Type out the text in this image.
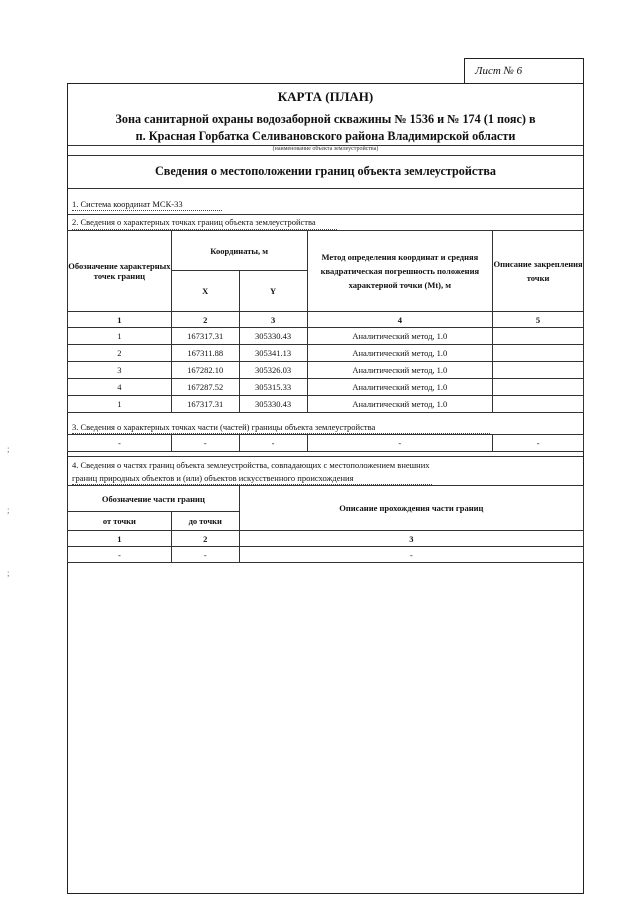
Лист № 6
КАРТА (ПЛАН)
Зона санитарной охраны водозаборной скважины № 1536 и № 174 (1 пояс) в
п. Красная Горбатка Селивановского района Владимирской области
(наименование объекта землеустройства)
Сведения о местоположении границ объекта землеустройства
1. Система координат МСК-33
2. Сведения о характерных точках границ объекта землеустройства
Обозначение характерных точек границ	Координаты, м		Метод определения координат и средняя квадратическая погрешность положения характерной точки (Mt), м	Описание закрепления точки
	X	Y		
1	2	3	4	5
1	167317.31	305330.43	Аналитический метод, 1.0	
2	167311.88	305341.13	Аналитический метод, 1.0	
3	167282.10	305326.03	Аналитический метод, 1.0	
4	167287.52	305315.33	Аналитический метод, 1.0	
1	167317.31	305330.43	Аналитический метод, 1.0	
3. Сведения о характерных точках части (частей) границы объекта землеустройства
-	-	-	-	-
4. Сведения о частях границ объекта землеустройства, совпадающих с местоположением внешних
границ природных объектов и (или) объектов искусственного происхождения
Обозначение части границ		Описание прохождения части границ
от точки	до точки	
1	2	3
-	-	-
;
;
;
